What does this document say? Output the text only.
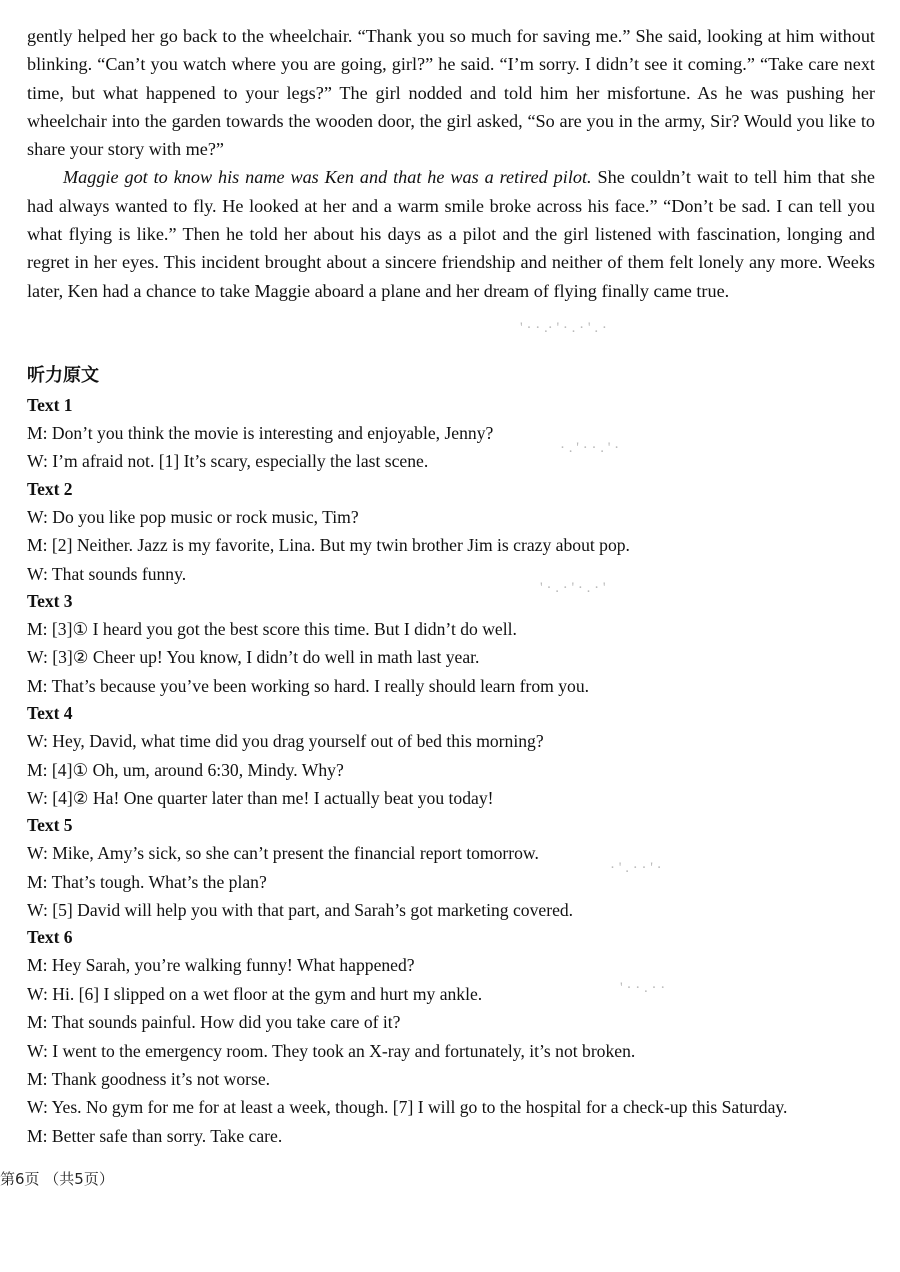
' · · .· ' · . · ' . ·
· . ' · · . ' ·
' · . · ' · . · '
· ' . · · ' ·
' · · . · ·

gently helped her go back to the wheelchair. “Thank you so much for saving me.” She said, looking at him without blinking. “Can’t you watch where you are going, girl?” he said. “I’m sorry. I didn’t see it coming.” “Take care next time, but what happened to your legs?” The girl nodded and told him her misfortune. As he was pushing her wheelchair into the garden towards the wooden door, the girl asked, “So are you in the army, Sir? Would you like to share your story with me?”

Maggie got to know his name was Ken and that he was a retired pilot. She couldn’t wait to tell him that she had always wanted to fly. He looked at her and a warm smile broke across his face.” “Don’t be sad. I can tell you what flying is like.” Then he told her about his days as a pilot and the girl listened with fascination, longing and regret in her eyes. This incident brought about a sincere friendship and neither of them felt lonely any more. Weeks later, Ken had a chance to take Maggie aboard a plane and her dream of flying finally came true.

听力原文
Text 1
M: Don’t you think the movie is interesting and enjoyable, Jenny?
W: I’m afraid not. [1] It’s scary, especially the last scene.
Text 2
W: Do you like pop music or rock music, Tim?
M: [2] Neither. Jazz is my favorite, Lina. But my twin brother Jim is crazy about pop.
W: That sounds funny.
Text 3
M: [3]① I heard you got the best score this time. But I didn’t do well.
W: [3]② Cheer up! You know, I didn’t do well in math last year.
M: That’s because you’ve been working so hard. I really should learn from you.
Text 4
W: Hey, David, what time did you drag yourself out of bed this morning?
M: [4]① Oh, um, around 6:30, Mindy. Why?
W: [4]② Ha! One quarter later than me! I actually beat you today!
Text 5
W: Mike, Amy’s sick, so she can’t present the financial report tomorrow.
M: That’s tough. What’s the plan?
W: [5] David will help you with that part, and Sarah’s got marketing covered.
Text 6
M: Hey Sarah, you’re walking funny! What happened?
W: Hi. [6] I slipped on a wet floor at the gym and hurt my ankle.
M: That sounds painful. How did you take care of it?
W: I went to the emergency room. They took an X-ray and fortunately, it’s not broken.
M: Thank goodness it’s not worse.
W: Yes. No gym for me for at least a week, though. [7] I will go to the hospital for a check-up this Saturday.
M: Better safe than sorry. Take care.
第6页 （共5页）
